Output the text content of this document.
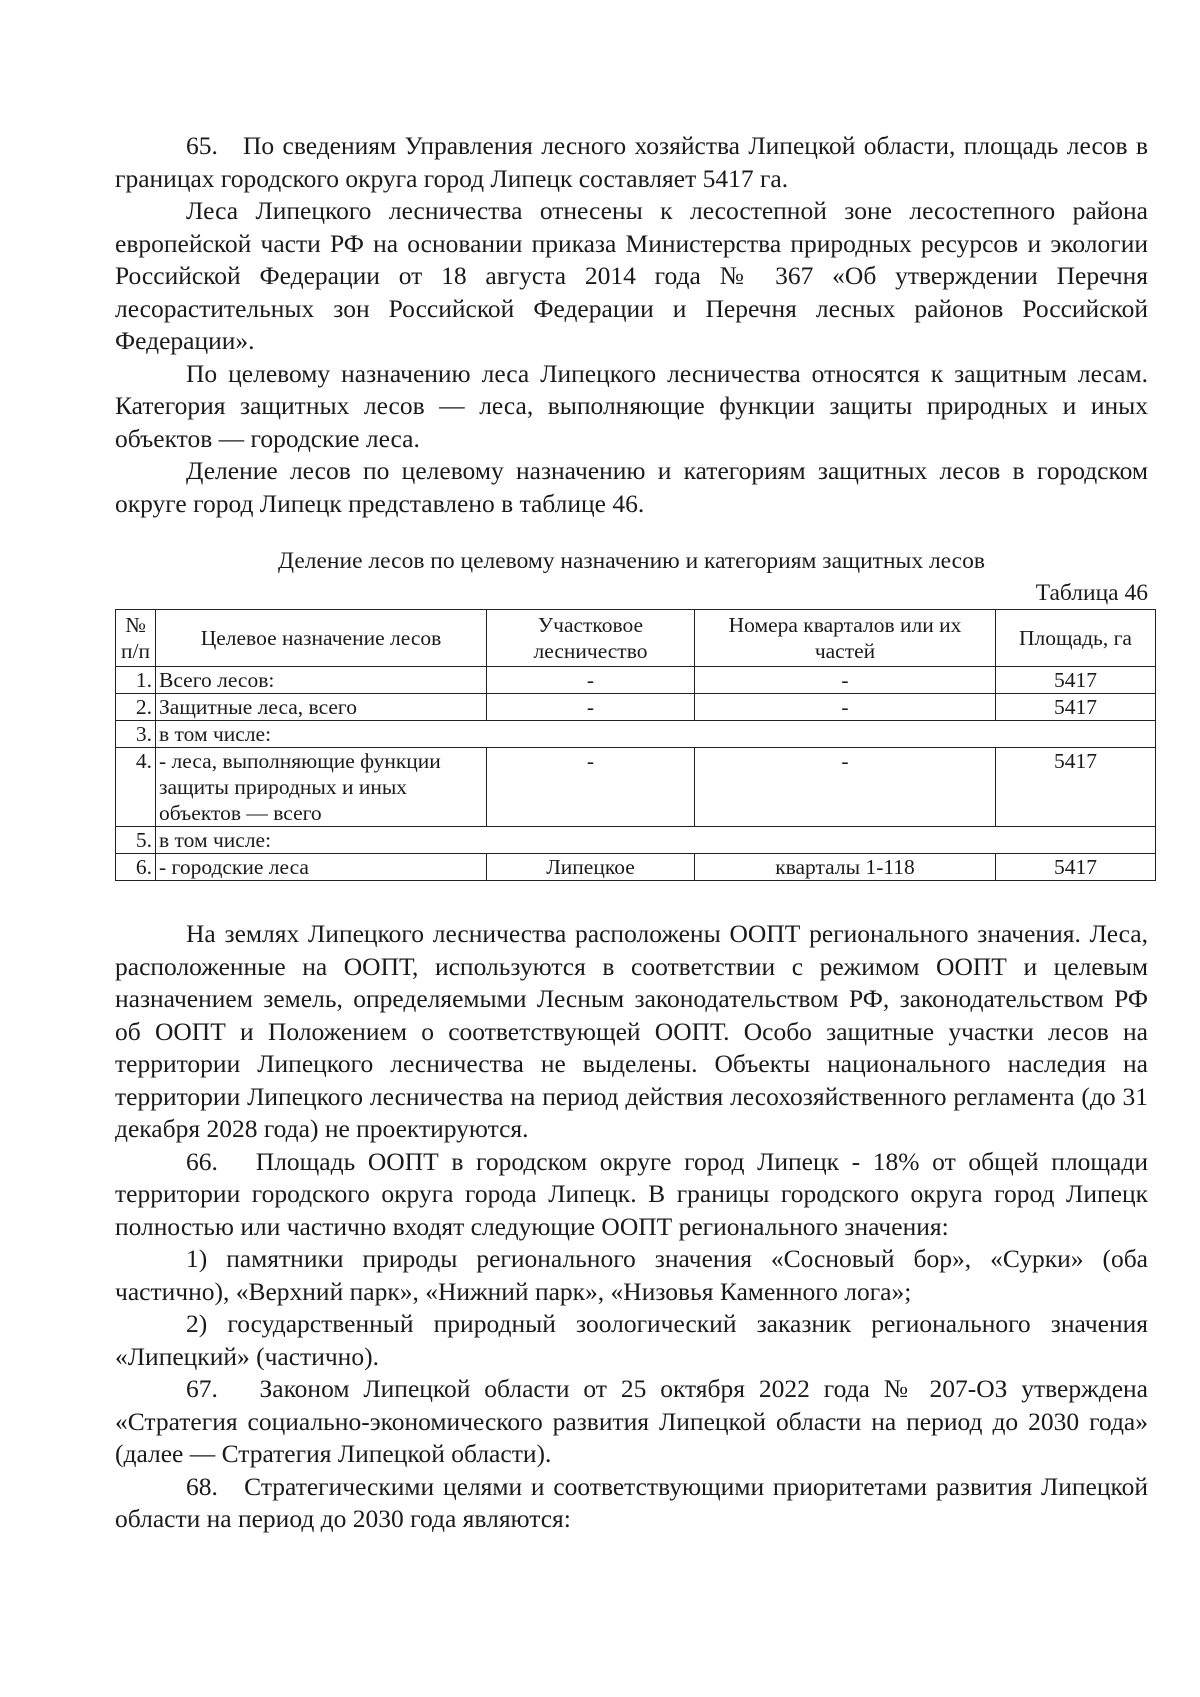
65.   По сведениям Управления лесного хозяйства Липецкой области, площадь лесов в границах городского округа город Липецк составляет 5417 га.

Леса Липецкого лесничества отнесены к лесостепной зоне лесостепного района европейской части РФ на основании приказа Министерства природных ресурсов и экологии Российской Федерации от 18 августа 2014 года № 367 «Об утверждении Перечня лесорастительных зон Российской Федерации и Перечня лесных районов Российской Федерации».

По целевому назначению леса Липецкого лесничества относятся к защитным лесам. Категория защитных лесов — леса, выполняющие функции защиты природных и иных объектов — городские леса.

Деление лесов по целевому назначению и категориям защитных лесов в городском округе город Липецк представлено в таблице 46.

Деление лесов по целевому назначению и категориям защитных лесов
Таблица 46
№ п/п	Целевое назначение лесов	Участковое лесничество	Номера кварталов или их частей	Площадь, га
1.	Всего лесов:	-	-	5417
2.	Защитные леса, всего	-	-	5417
3.	в том числе:			
4.	- леса, выполняющие функции защиты природных и иных объектов — всего	-	-	5417
5.	в том числе:			
6.	- городские леса	Липецкое	кварталы 1-118	5417

На землях Липецкого лесничества расположены ООПТ регионального значения. Леса, расположенные на ООПТ, используются в соответствии с режимом ООПТ и целевым назначением земель, определяемыми Лесным законодательством РФ, законодательством РФ об ООПТ и Положением о соответствующей ООПТ. Особо защитные участки лесов на территории Липецкого лесничества не выделены. Объекты национального наследия на территории Липецкого лесничества на период действия лесохозяйственного регламента (до 31 декабря 2028 года) не проектируются.

66.   Площадь ООПТ в городском округе город Липецк - 18% от общей площади территории городского округа города Липецк. В границы городского округа город Липецк полностью или частично входят следующие ООПТ регионального значения:

1) памятники природы регионального значения «Сосновый бор», «Сурки» (оба частично), «Верхний парк», «Нижний парк», «Низовья Каменного лога»;

2) государственный природный зоологический заказник регионального значения «Липецкий» (частично).

67.   Законом Липецкой области от 25 октября 2022 года № 207-ОЗ утверждена «Стратегия социально-экономического развития Липецкой области на период до 2030 года» (далее — Стратегия Липецкой области).

68.   Стратегическими целями и соответствующими приоритетами развития Липецкой области на период до 2030 года являются:
